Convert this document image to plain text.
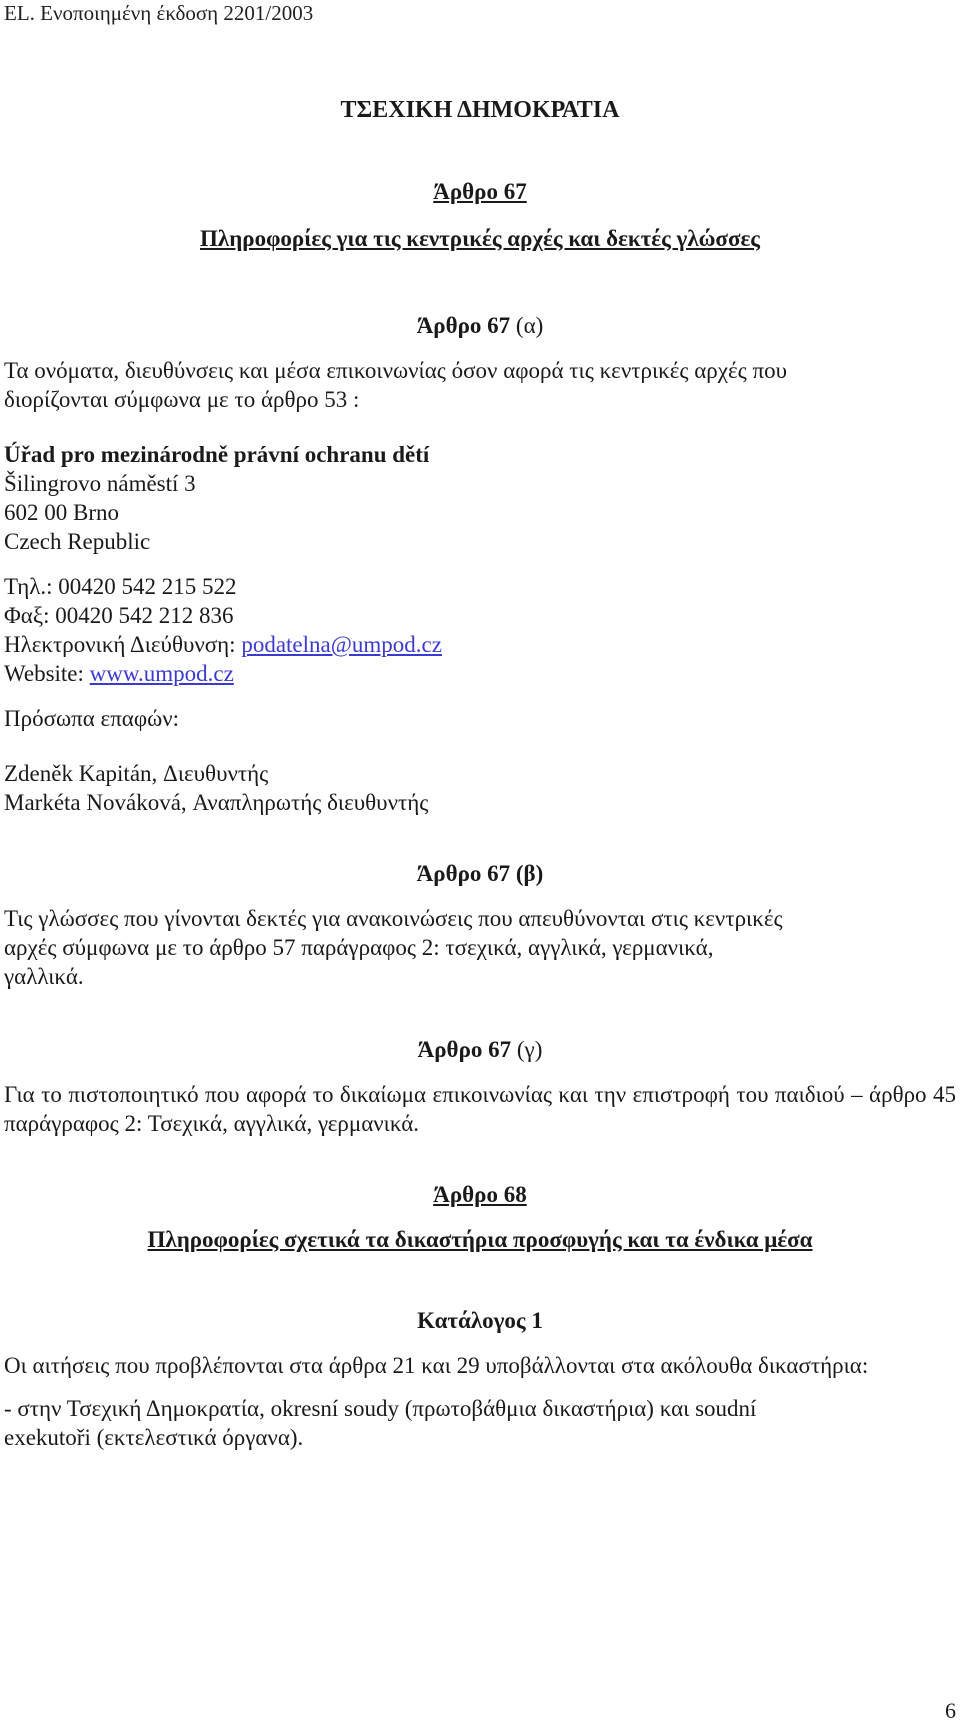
EL. Ενοποιημένη έκδοση 2201/2003

ΤΣΕΧΙΚΗ ΔΗΜΟΚΡΑΤΙΑ

Άρθρο 67

Πληροφορίες για τις κεντρικές αρχές και δεκτές γλώσσες

Άρθρο 67 (α)

Τα ονόματα, διευθύνσεις και μέσα επικοινωνίας όσον αφορά τις κεντρικές αρχές που

διορίζονται σύμφωνα με το άρθρο 53 :

Úřad pro mezinárodně právní ochranu dětí

Šilingrovo náměstí 3

602 00 Brno

Czech Republic

Τηλ.: 00420 542 215 522

Φαξ: 00420 542 212 836

Ηλεκτρονική Διεύθυνση: podatelna@umpod.cz

Website: www.umpod.cz

Πρόσωπα επαφών:

Zdeněk Kapitán, Διευθυντής

Markéta Nováková, Αναπληρωτής διευθυντής

Άρθρο 67 (β)

Τις γλώσσες που γίνονται δεκτές για ανακοινώσεις που απευθύνονται στις κεντρικές

αρχές σύμφωνα με το άρθρο 57 παράγραφος 2: τσεχικά, αγγλικά, γερμανικά,

γαλλικά.

Άρθρο 67 (γ)

Για το πιστοποιητικό που αφορά το δικαίωμα επικοινωνίας και την επιστροφή του παιδιού – άρθρο 45 παράγραφος 2: Τσεχικά, αγγλικά, γερμανικά.

Άρθρο 68

Πληροφορίες σχετικά τα δικαστήρια προσφυγής και τα ένδικα μέσα

Κατάλογος 1

Οι αιτήσεις που προβλέπονται στα άρθρα 21 και 29 υποβάλλονται στα ακόλουθα δικαστήρια:

- στην Τσεχική Δημοκρατία, okresní soudy (πρωτοβάθμια δικαστήρια) και soudní

exekutoři (εκτελεστικά όργανα).

6
